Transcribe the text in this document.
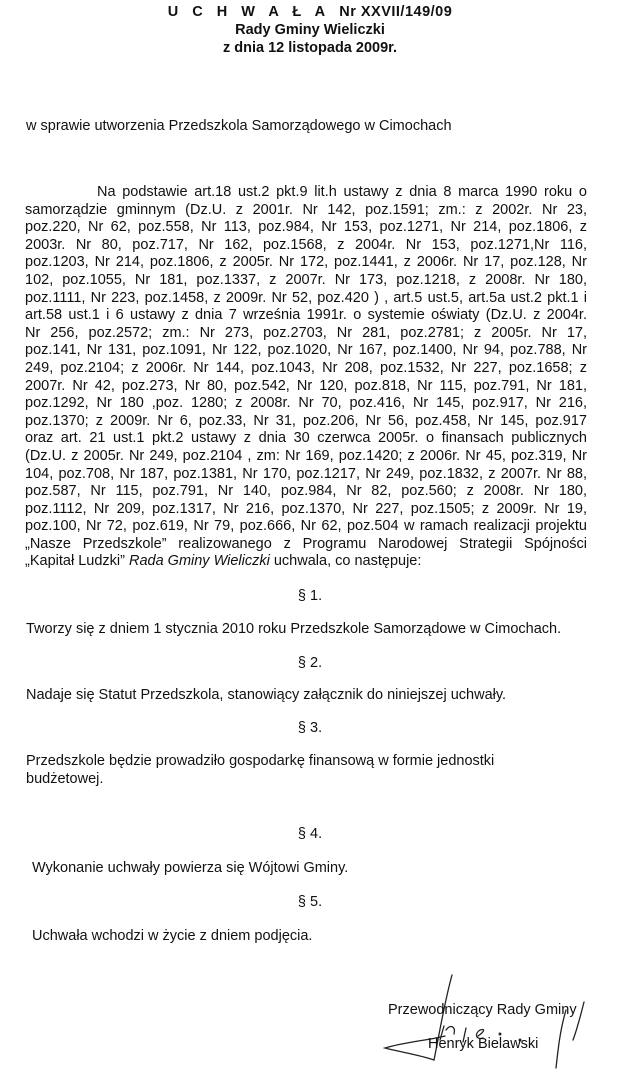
U C H W A Ł A Nr XXVII/149/09
Rady Gminy Wieliczki
z dnia 12 listopada 2009r.
w sprawie utworzenia Przedszkola Samorządowego w Cimochach
Na podstawie art.18 ust.2 pkt.9 lit.h ustawy z dnia 8 marca 1990 roku o
samorządzie gminnym (Dz.U. z 2001r. Nr 142, poz.1591; zm.: z 2002r. Nr 23,
poz.220, Nr 62, poz.558, Nr 113, poz.984, Nr 153, poz.1271, Nr 214, poz.1806, z
2003r. Nr 80, poz.717, Nr 162, poz.1568, z 2004r. Nr 153, poz.1271,Nr 116,
poz.1203, Nr 214, poz.1806, z 2005r. Nr 172, poz.1441, z 2006r. Nr 17, poz.128, Nr
102, poz.1055, Nr 181, poz.1337, z 2007r. Nr 173, poz.1218, z 2008r. Nr 180,
poz.1111, Nr 223, poz.1458, z 2009r. Nr 52, poz.420 ) , art.5 ust.5, art.5a ust.2 pkt.1 i
art.58 ust.1 i 6 ustawy z dnia 7 września 1991r. o systemie oświaty (Dz.U. z 2004r.
Nr 256, poz.2572; zm.: Nr 273, poz.2703, Nr 281, poz.2781; z 2005r. Nr 17,
poz.141, Nr 131, poz.1091, Nr 122, poz.1020, Nr 167, poz.1400, Nr 94, poz.788, Nr
249, poz.2104; z 2006r. Nr 144, poz.1043, Nr 208, poz.1532, Nr 227, poz.1658; z
2007r. Nr 42, poz.273, Nr 80, poz.542, Nr 120, poz.818, Nr 115, poz.791, Nr 181,
poz.1292, Nr 180 ,poz. 1280; z 2008r. Nr 70, poz.416, Nr 145, poz.917, Nr 216,
poz.1370; z 2009r. Nr 6, poz.33, Nr 31, poz.206, Nr 56, poz.458, Nr 145, poz.917
oraz art. 21 ust.1 pkt.2 ustawy z dnia 30 czerwca 2005r. o finansach publicznych
(Dz.U. z 2005r. Nr 249, poz.2104 , zm: Nr 169, poz.1420; z 2006r. Nr 45, poz.319, Nr
104, poz.708, Nr 187, poz.1381, Nr 170, poz.1217, Nr 249, poz.1832, z 2007r. Nr 88,
poz.587, Nr 115, poz.791, Nr 140, poz.984, Nr 82, poz.560; z 2008r. Nr 180,
poz.1112, Nr 209, poz.1317, Nr 216, poz.1370, Nr 227, poz.1505; z 2009r. Nr 19,
poz.100, Nr 72, poz.619, Nr 79, poz.666, Nr 62, poz.504 w ramach realizacji projektu
„Nasze Przedszkole” realizowanego z Programu Narodowej Strategii Spójności
„Kapitał Ludzki” Rada Gminy Wieliczki uchwala, co następuje:
§ 1.
Tworzy się z dniem 1 stycznia 2010 roku Przedszkole Samorządowe w Cimochach.
§ 2.
Nadaje się Statut Przedszkola, stanowiący załącznik do niniejszej uchwały.
§ 3.
Przedszkole będzie prowadziło gospodarkę finansową w formie jednostki
budżetowej.
§ 4.
Wykonanie uchwały powierza się Wójtowi Gminy.
§ 5.
Uchwała wchodzi w życie z dniem podjęcia.
Przewodniczący Rady Gminy
Henryk Bielawski
